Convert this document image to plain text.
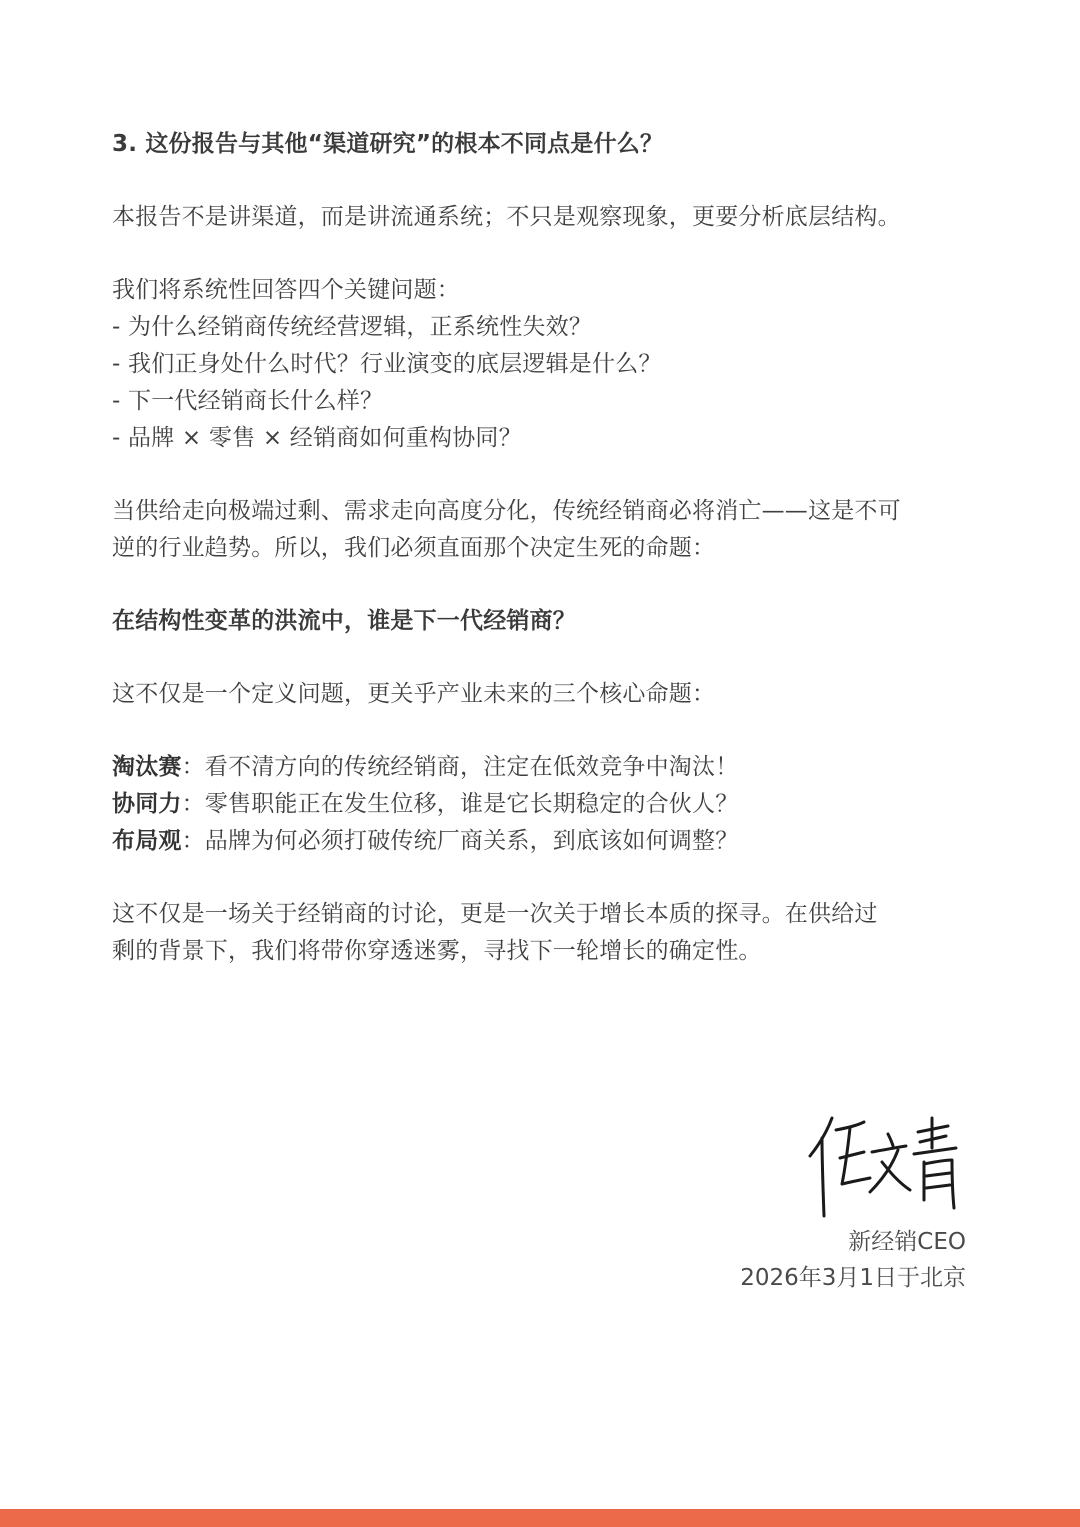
3. 这份报告与其他“渠道研究”的根本不同点是什么？
本报告不是讲渠道，而是讲流通系统；不只是观察现象，更要分析底层结构。
我们将系统性回答四个关键问题：
- 为什么经销商传统经营逻辑，正系统性失效？
- 我们正身处什么时代？行业演变的底层逻辑是什么？
- 下一代经销商长什么样？
- 品牌 × 零售 × 经销商如何重构协同？
当供给走向极端过剩、需求走向高度分化，传统经销商必将消亡——这是不可
逆的行业趋势。所以，我们必须直面那个决定生死的命题：
在结构性变革的洪流中，谁是下一代经销商？
这不仅是一个定义问题，更关乎产业未来的三个核心命题：
淘汰赛：看不清方向的传统经销商，注定在低效竞争中淘汰！
协同力：零售职能正在发生位移，谁是它长期稳定的合伙人？
布局观：品牌为何必须打破传统厂商关系，到底该如何调整？
这不仅是一场关于经销商的讨论，更是一次关于增长本质的探寻。在供给过
剩的背景下，我们将带你穿透迷雾，寻找下一轮增长的确定性。
新经销CEO
2026年3月1日于北京
